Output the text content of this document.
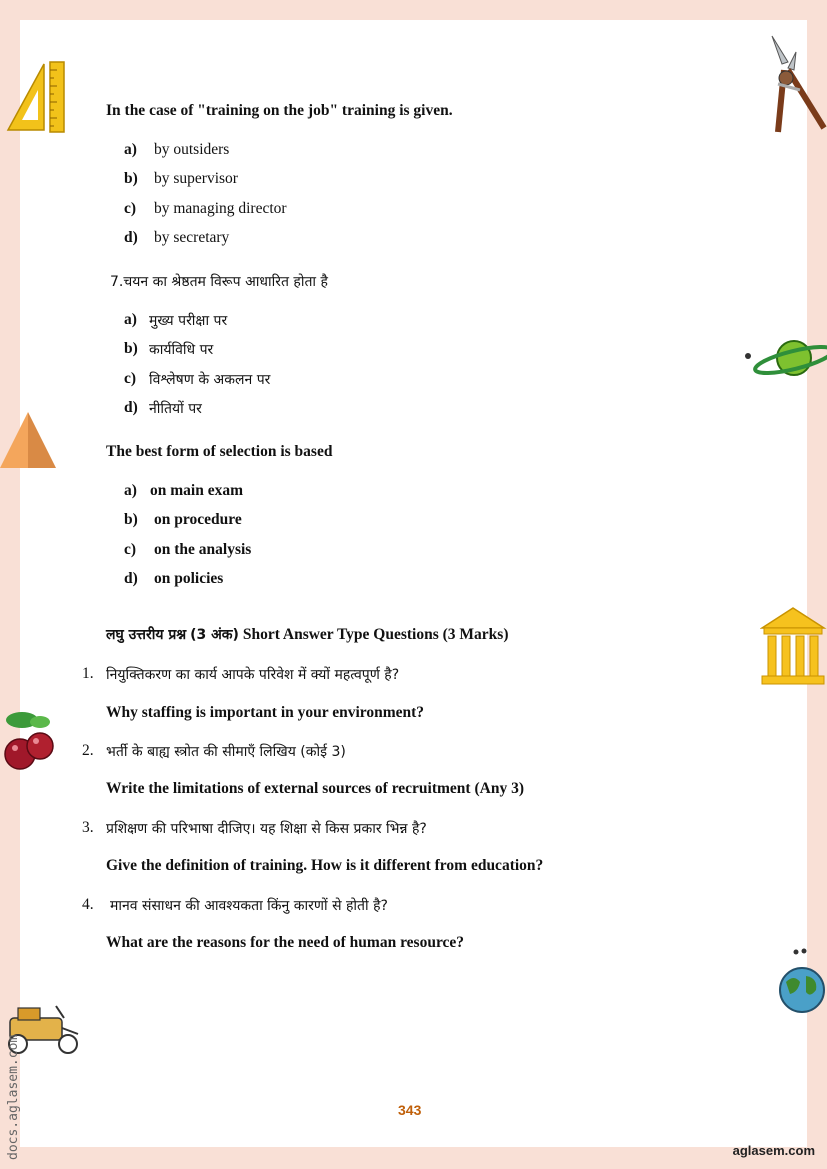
docs.aglasem.com
In the case of "training on the job" training is given.
a) by outsiders
b) by supervisor
c) by managing director
d) by secretary
7.चयन का श्रेष्ठतम विरूप आधारित होता है
a) मुख्य परीक्षा पर
b) कार्यविधि पर
c) विश्लेषण के अकलन पर
d) नीतियों पर
The best form of selection is based
a) on main exam
b) on procedure
c) on the analysis
d) on policies
लघु उत्तरीय प्रश्न (3 अंक) Short Answer Type Questions (3 Marks)
1. नियुक्तिकरण का कार्य आपके परिवेश में क्यों महत्वपूर्ण है?
Why staffing is important in your environment?
2. भर्ती के बाह्य स्त्रोत की सीमाएँ लिखिय (कोई 3)
Write the limitations of external sources of recruitment (Any 3)
3. प्रशिक्षण की परिभाषा दीजिए। यह शिक्षा से किस प्रकार भिन्न है?
Give the definition of training. How is it different from education?
4. मानव संसाधन की आवश्यकता किंनु कारणों से होती है?
What are the reasons for the need of human resource?
343
aglasem.com
